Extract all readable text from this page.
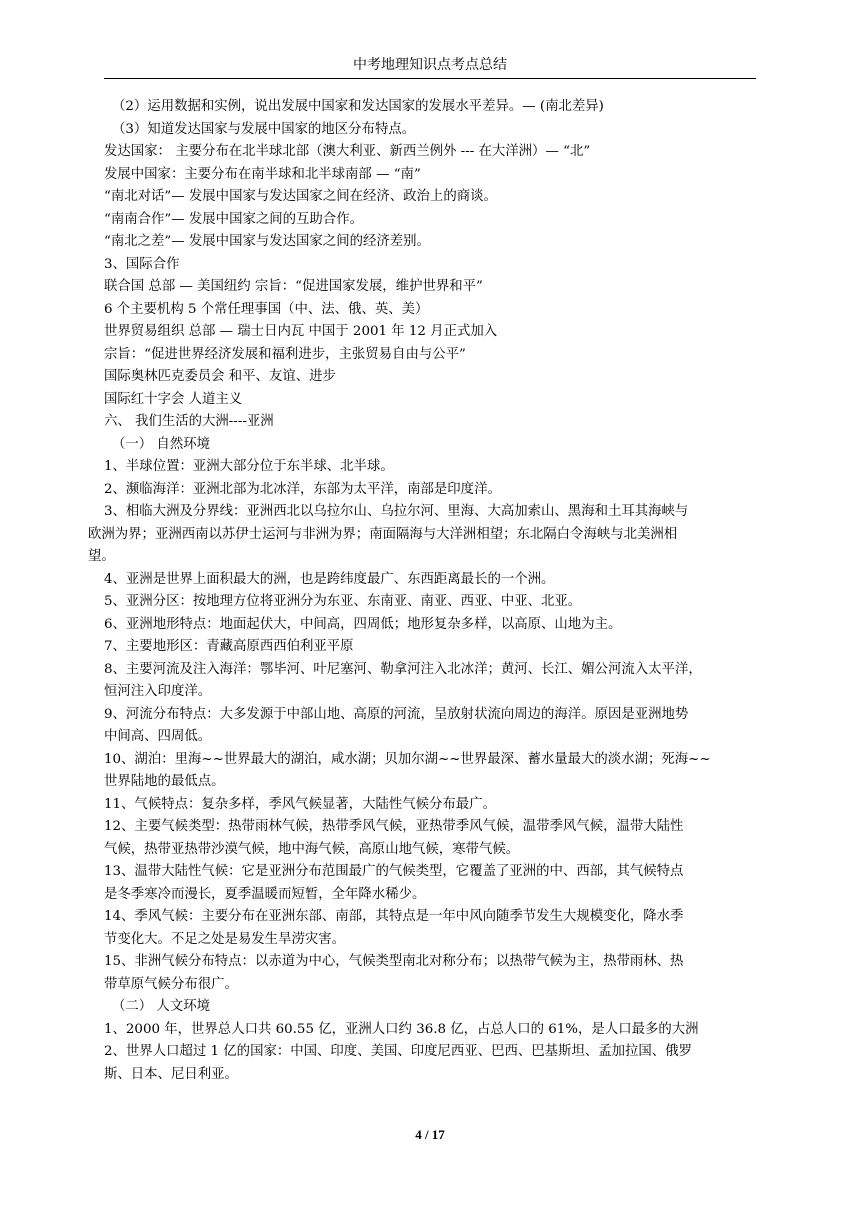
中考地理知识点考点总结
（2）运用数据和实例，说出发展中国家和发达国家的发展水平差异。— (南北差异)
（3）知道发达国家与发展中国家的地区分布特点。
发达国家： 主要分布在北半球北部（澳大利亚、新西兰例外 --- 在大洋洲）— “北”
发展中国家：主要分布在南半球和北半球南部 — “南”
“南北对话”— 发展中国家与发达国家之间在经济、政治上的商谈。
“南南合作”— 发展中国家之间的互助合作。
“南北之差”— 发展中国家与发达国家之间的经济差别。
3、国际合作
联合国 总部 — 美国纽约 宗旨：“促进国家发展，维护世界和平”
6 个主要机构 5 个常任理事国（中、法、俄、英、美）
世界贸易组织 总部 — 瑞士日内瓦 中国于 2001 年 12 月正式加入
宗旨：“促进世界经济发展和福利进步，主张贸易自由与公平”
国际奥林匹克委员会 和平、友谊、进步
国际红十字会 人道主义
六、 我们生活的大洲----亚洲
（一） 自然环境
1、半球位置：亚洲大部分位于东半球、北半球。
2、濒临海洋：亚洲北部为北冰洋，东部为太平洋，南部是印度洋。
3、相临大洲及分界线：亚洲西北以乌拉尔山、乌拉尔河、里海、大高加索山、黑海和土耳其海峡与
欧洲为界；亚洲西南以苏伊士运河与非洲为界；南面隔海与大洋洲相望；东北隔白令海峡与北美洲相
望。
4、亚洲是世界上面积最大的洲，也是跨纬度最广、东西距离最长的一个洲。
5、亚洲分区：按地理方位将亚洲分为东亚、东南亚、南亚、西亚、中亚、北亚。
6、亚洲地形特点：地面起伏大，中间高，四周低；地形复杂多样，以高原、山地为主。
7、主要地形区：青藏高原西西伯利亚平原
8、主要河流及注入海洋：鄂毕河、叶尼塞河、勒拿河注入北冰洋；黄河、长江、媚公河流入太平洋，
恒河注入印度洋。
9、河流分布特点：大多发源于中部山地、高原的河流，呈放射状流向周边的海洋。原因是亚洲地势
中间高、四周低。
10、湖泊：里海~~世界最大的湖泊，咸水湖；贝加尔湖~~世界最深、蓄水量最大的淡水湖；死海~~
世界陆地的最低点。
11、气候特点：复杂多样，季风气候显著，大陆性气候分布最广。
12、主要气候类型：热带雨林气候，热带季风气候，亚热带季风气候，温带季风气候，温带大陆性
气候，热带亚热带沙漠气候，地中海气候，高原山地气候，寒带气候。
13、温带大陆性气候：它是亚洲分布范围最广的气候类型，它覆盖了亚洲的中、西部，其气候特点
是冬季寒冷而漫长，夏季温暖而短暂，全年降水稀少。
14、季风气候：主要分布在亚洲东部、南部，其特点是一年中风向随季节发生大规模变化，降水季
节变化大。不足之处是易发生旱涝灾害。
15、非洲气候分布特点：以赤道为中心，气候类型南北对称分布；以热带气候为主，热带雨林、热
带草原气候分布很广。
（二） 人文环境
1、2000 年，世界总人口共 60.55 亿，亚洲人口约 36.8 亿，占总人口的 61%，是人口最多的大洲
2、世界人口超过 1 亿的国家：中国、印度、美国、印度尼西亚、巴西、巴基斯坦、孟加拉国、俄罗
斯、日本、尼日利亚。
4 / 17
